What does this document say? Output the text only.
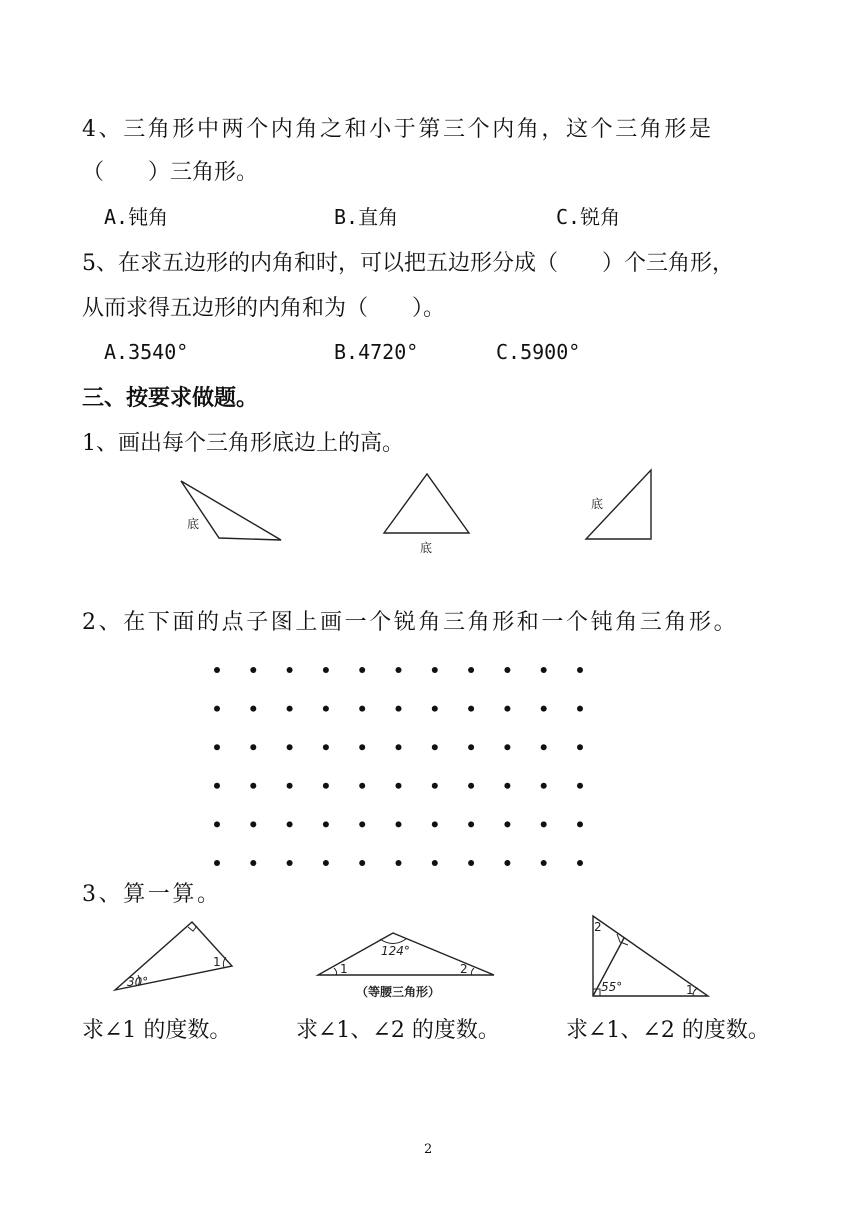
4、三角形中两个内角之和小于第三个内角，这个三角形是
（　　）三角形。
A.钝角	B.直角	C.锐角
5、在求五边形的内角和时，可以把五边形分成（　　）个三角形，
从而求得五边形的内角和为（　　）。
A.3540°	B.4720°	C.5900°
三、按要求做题。
1、画出每个三角形底边上的高。
2、在下面的点子图上画一个锐角三角形和一个钝角三角形。
3、算一算。
求∠1 的度数。	求∠1、∠2 的度数。	求∠1、∠2 的度数。
2
底
底
底
30°
1
124°
1	2
（等腰三角形）
2
55°	1
